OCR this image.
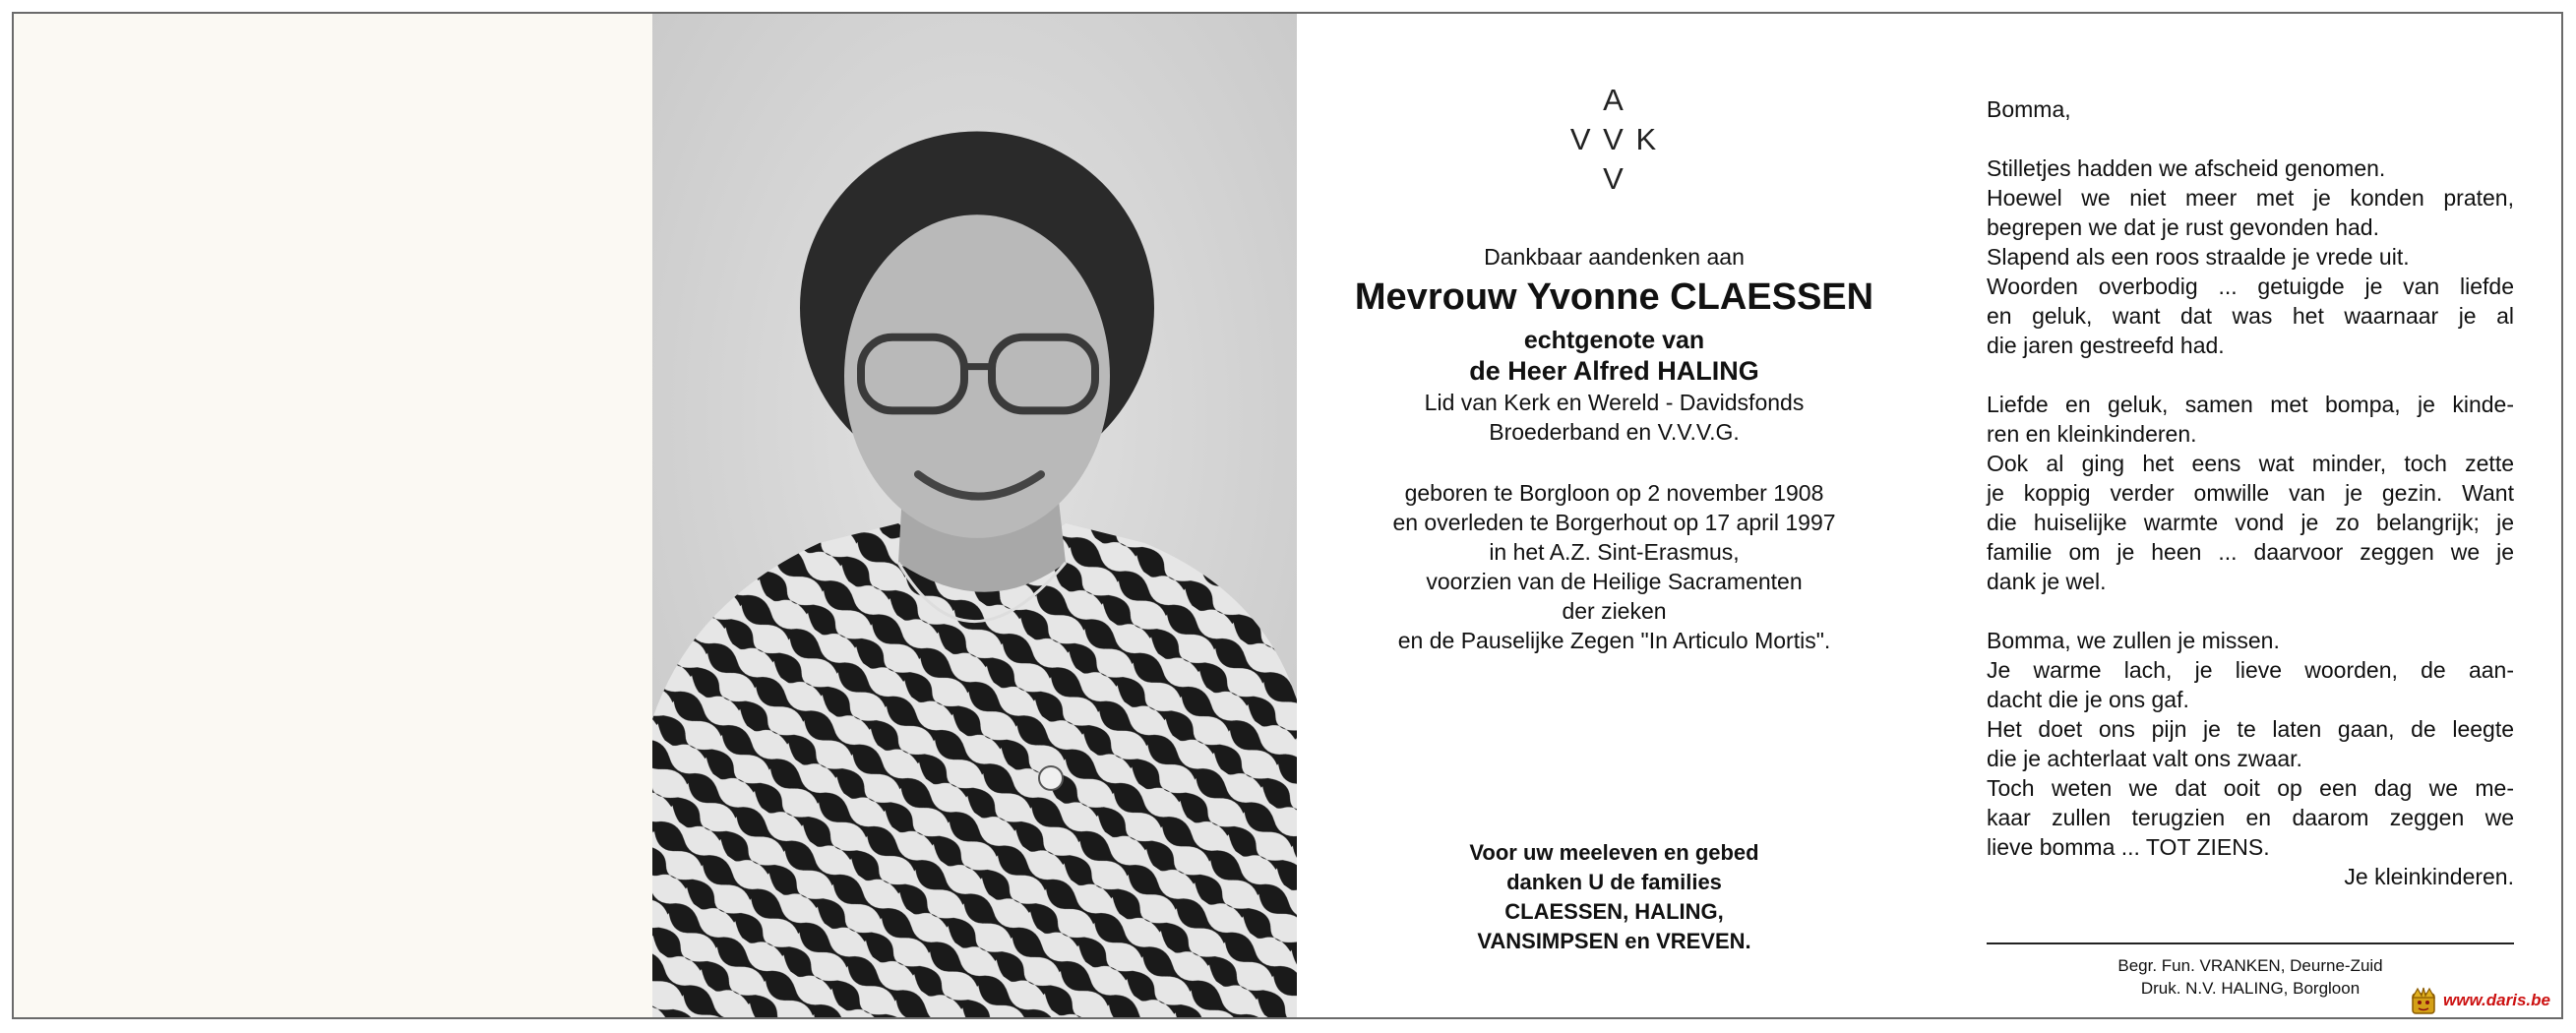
A
V V K
V
Dankbaar aandenken aan
Mevrouw Yvonne CLAESSEN
echtgenote van
de Heer Alfred HALING
Lid van Kerk en Wereld - Davidsfonds
Broederband en V.V.V.G.
geboren te Borgloon op 2 november 1908
en overleden te Borgerhout op 17 april 1997
in het A.Z. Sint-Erasmus,
voorzien van de Heilige Sacramenten
der zieken
en de Pauselijke Zegen "In Articulo Mortis".
Voor uw meeleven en gebed
danken U de families
CLAESSEN, HALING,
VANSIMPSEN en VREVEN.
Bomma,
Stilletjes hadden we afscheid genomen.
Hoewel we niet meer met je konden praten,
begrepen we dat je rust gevonden had.
Slapend als een roos straalde je vrede uit.
Woorden overbodig ... getuigde je van liefde
en geluk, want dat was het waarnaar je al
die jaren gestreefd had.
Liefde en geluk, samen met bompa, je kinde-
ren en kleinkinderen.
Ook al ging het eens wat minder, toch zette
je koppig verder omwille van je gezin. Want
die huiselijke warmte vond je zo belangrijk; je
familie om je heen ... daarvoor zeggen we je
dank je wel.
Bomma, we zullen je missen.
Je warme lach, je lieve woorden, de aan-
dacht die je ons gaf.
Het doet ons pijn je te laten gaan, de leegte
die je achterlaat valt ons zwaar.
Toch weten we dat ooit op een dag we me-
kaar zullen terugzien en daarom zeggen we
lieve bomma ... TOT ZIENS.
Je kleinkinderen.
Begr. Fun. VRANKEN, Deurne-Zuid
Druk. N.V. HALING, Borgloon
www.daris.be
